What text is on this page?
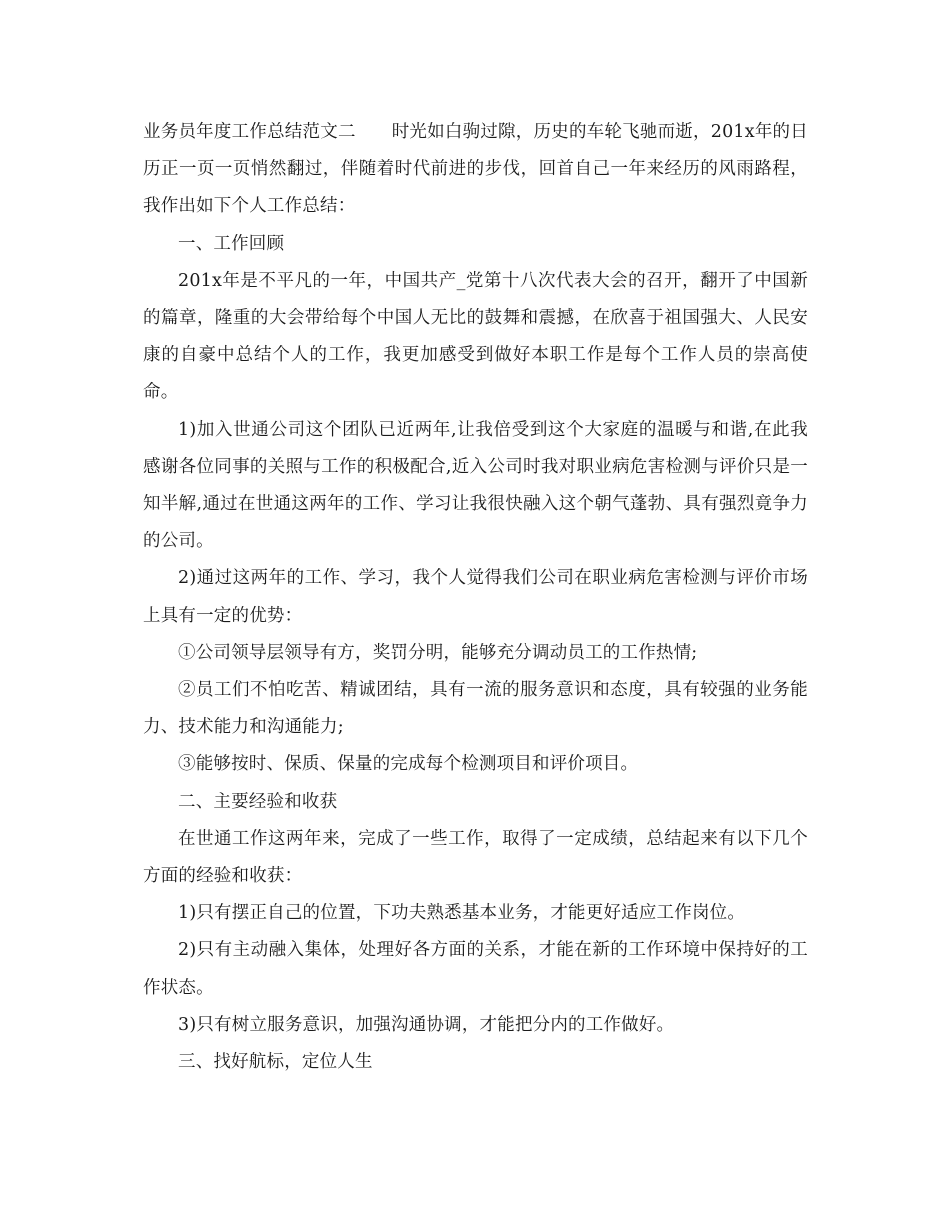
业务员年度工作总结范文二 时光如白驹过隙，历史的车轮飞驰而逝，201x年的日历正一页一页悄然翻过，伴随着时代前进的步伐，回首自己一年来经历的风雨路程，我作出如下个人工作总结：

一、工作回顾

201x年是不平凡的一年，中国共产_党第十八次代表大会的召开，翻开了中国新的篇章，隆重的大会带给每个中国人无比的鼓舞和震撼，在欣喜于祖国强大、人民安康的自豪中总结个人的工作，我更加感受到做好本职工作是每个工作人员的崇高使命。

1)加入世通公司这个团队已近两年,让我倍受到这个大家庭的温暖与和谐,在此我感谢各位同事的关照与工作的积极配合,近入公司时我对职业病危害检测与评价只是一知半解,通过在世通这两年的工作、学习让我很快融入这个朝气蓬勃、具有强烈竟争力的公司。

2)通过这两年的工作、学习，我个人觉得我们公司在职业病危害检测与评价市场上具有一定的优势：

①公司领导层领导有方，奖罚分明，能够充分调动员工的工作热情;

②员工们不怕吃苦、精诚团结，具有一流的服务意识和态度，具有较强的业务能力、技术能力和沟通能力;

③能够按时、保质、保量的完成每个检测项目和评价项目。

二、主要经验和收获

在世通工作这两年来，完成了一些工作，取得了一定成绩，总结起来有以下几个方面的经验和收获：

1)只有摆正自己的位置，下功夫熟悉基本业务，才能更好适应工作岗位。

2)只有主动融入集体，处理好各方面的关系，才能在新的工作环境中保持好的工作状态。

3)只有树立服务意识，加强沟通协调，才能把分内的工作做好。

三、找好航标，定位人生
